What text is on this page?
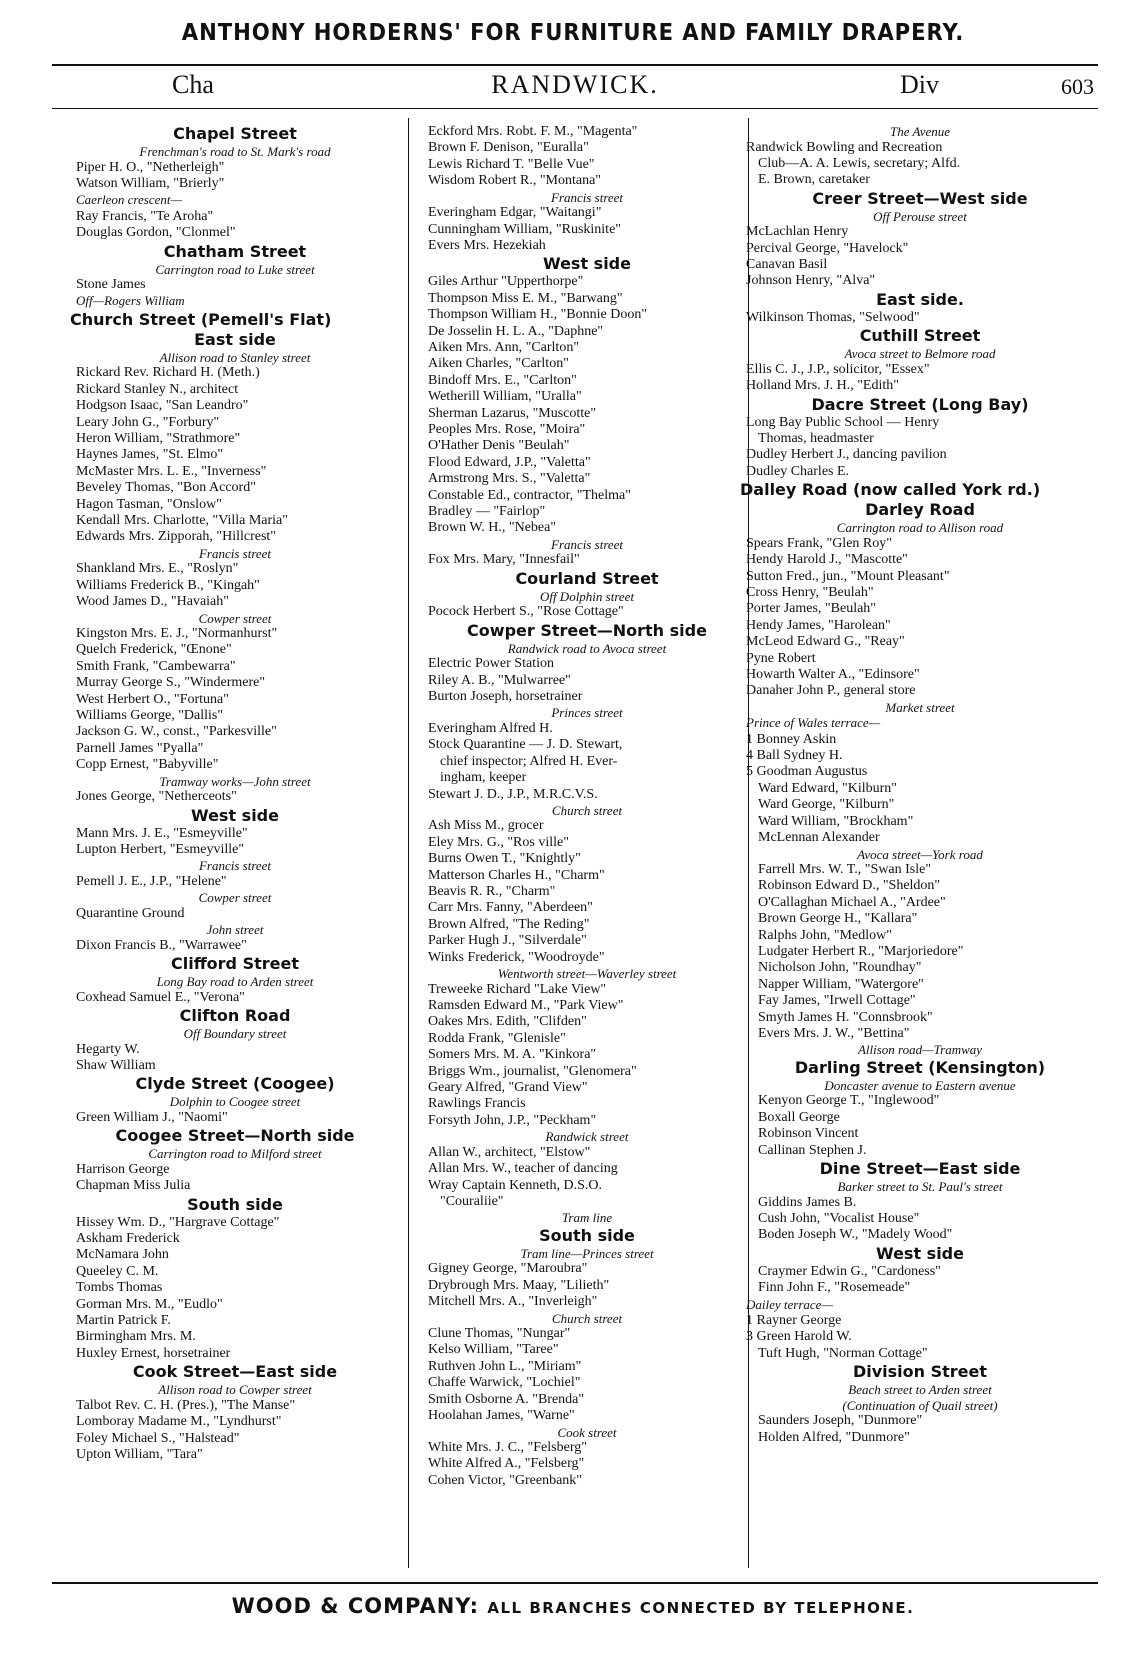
ANTHONY HORDERNS' FOR FURNITURE AND FAMILY DRAPERY.
Cha	RANDWICK.	Div	603
Chapel Street
Frenchman's road to St. Mark's road
Piper H. O., "Netherleigh"
Watson William, "Brierly"
Caerleon crescent—
Ray Francis, "Te Aroha"
Douglas Gordon, "Clonmel"
Chatham Street
Carrington road to Luke street
Stone James
Off—Rogers William
Church Street (Pemell's Flat)
East side
Allison road to Stanley street
Rickard Rev. Richard H. (Meth.)
Rickard Stanley N., architect
Hodgson Isaac, "San Leandro"
Leary John G., "Forbury"
Heron William, "Strathmore"
Haynes James, "St. Elmo"
McMaster Mrs. L. E., "Inverness"
Beveley Thomas, "Bon Accord"
Hagon Tasman, "Onslow"
Kendall Mrs. Charlotte, "Villa Maria"
Edwards Mrs. Zipporah, "Hillcrest"
Francis street
Shankland Mrs. E., "Roslyn"
Williams Frederick B., "Kingah"
Wood James D., "Havaiah"
Cowper street
Kingston Mrs. E. J., "Normanhurst"
Quelch Frederick, "Œnone"
Smith Frank, "Cambewarra"
Murray George S., "Windermere"
West Herbert O., "Fortuna"
Williams George, "Dallis"
Jackson G. W., const., "Parkesville"
Parnell James "Pyalla"
Copp Ernest, "Babyville"
Tramway works—John street
Jones George, "Netherceots"
West side
Mann Mrs. J. E., "Esmeyville"
Lupton Herbert, "Esmeyville"
Francis street
Pemell J. E., J.P., "Helene"
Cowper street
Quarantine Ground
John street
Dixon Francis B., "Warrawee"
Clifford Street
Long Bay road to Arden street
Coxhead Samuel E., "Verona"
Clifton Road
Off Boundary street
Hegarty W.
Shaw William
Clyde Street (Coogee)
Dolphin to Coogee street
Green William J., "Naomi"
Coogee Street—North side
Carrington road to Milford street
Harrison George
Chapman Miss Julia
South side
Hissey Wm. D., "Hargrave Cottage"
Askham Frederick
McNamara John
Queeley C. M.
Tombs Thomas
Gorman Mrs. M., "Eudlo"
Martin Patrick F.
Birmingham Mrs. M.
Huxley Ernest, horsetrainer
Cook Street—East side
Allison road to Cowper street
Talbot Rev. C. H. (Pres.), "The Manse"
Lomboray Madame M., "Lyndhurst"
Foley Michael S., "Halstead"
Upton William, "Tara"
Eckford Mrs. Robt. F. M., "Magenta"
Brown F. Denison, "Euralla"
Lewis Richard T. "Belle Vue"
Wisdom Robert R., "Montana"
Francis street
Everingham Edgar, "Waitangi"
Cunningham William, "Ruskinite"
Evers Mrs. Hezekiah
West side
Giles Arthur "Upperthorpe"
Thompson Miss E. M., "Barwang"
Thompson William H., "Bonnie Doon"
De Josselin H. L. A., "Daphne"
Aiken Mrs. Ann, "Carlton"
Aiken Charles, "Carlton"
Bindoff Mrs. E., "Carlton"
Wetherill William, "Uralla"
Sherman Lazarus, "Muscotte"
Peoples Mrs. Rose, "Moira"
O'Hather Denis "Beulah"
Flood Edward, J.P., "Valetta"
Armstrong Mrs. S., "Valetta"
Constable Ed., contractor, "Thelma"
Bradley — "Fairlop"
Brown W. H., "Nebea"
Francis street
Fox Mrs. Mary, "Innesfail"
Courland Street
Off Dolphin street
Pocock Herbert S., "Rose Cottage"
Cowper Street—North side
Randwick road to Avoca street
Electric Power Station
Riley A. B., "Mulwarree"
Burton Joseph, horsetrainer
Princes street
Everingham Alfred H.
Stock Quarantine — J. D. Stewart,
chief inspector; Alfred H. Ever-
ingham, keeper
Stewart J. D., J.P., M.R.C.V.S.
Church street
Ash Miss M., grocer
Eley Mrs. G., "Ros ville"
Burns Owen T., "Knightly"
Matterson Charles H., "Charm"
Beavis R. R., "Charm"
Carr Mrs. Fanny, "Aberdeen"
Brown Alfred, "The Reding"
Parker Hugh J., "Silverdale"
Winks Frederick, "Woodroyde"
Wentworth street—Waverley street
Treweeke Richard "Lake View"
Ramsden Edward M., "Park View"
Oakes Mrs. Edith, "Clifden"
Rodda Frank, "Glenisle"
Somers Mrs. M. A. "Kinkora"
Briggs Wm., journalist, "Glenomera"
Geary Alfred, "Grand View"
Rawlings Francis
Forsyth John, J.P., "Peckham"
Randwick street
Allan W., architect, "Elstow"
Allan Mrs. W., teacher of dancing
Wray Captain Kenneth, D.S.O.
"Couraliie"
Tram line
South side
Tram line—Princes street
Gigney George, "Maroubra"
Drybrough Mrs. Maay, "Lilieth"
Mitchell Mrs. A., "Inverleigh"
Church street
Clune Thomas, "Nungar"
Kelso William, "Taree"
Ruthven John L., "Miriam"
Chaffe Warwick, "Lochiel"
Smith Osborne A. "Brenda"
Hoolahan James, "Warne"
Cook street
White Mrs. J. C., "Felsberg"
White Alfred A., "Felsberg"
Cohen Victor, "Greenbank"
The Avenue
Randwick Bowling and Recreation
Club—A. A. Lewis, secretary; Alfd.
E. Brown, caretaker
Creer Street—West side
Off Perouse street
McLachlan Henry
Percival George, "Havelock"
Canavan Basil
Johnson Henry, "Alva"
East side.
Wilkinson Thomas, "Selwood"
Cuthill Street
Avoca street to Belmore road
Ellis C. J., J.P., solicitor, "Essex"
Holland Mrs. J. H., "Edith"
Dacre Street (Long Bay)
Long Bay Public School — Henry
Thomas, headmaster
Dudley Herbert J., dancing pavilion
Dudley Charles E.
Dalley Road (now called York rd.)
Darley Road
Carrington road to Allison road
Spears Frank, "Glen Roy"
Hendy Harold J., "Mascotte"
Sutton Fred., jun., "Mount Pleasant"
Cross Henry, "Beulah"
Porter James, "Beulah"
Hendy James, "Harolean"
McLeod Edward G., "Reay"
Pyne Robert
Howarth Walter A., "Edinsore"
Danaher John P., general store
Market street
Prince of Wales terrace—
1 Bonney Askin
4 Ball Sydney H.
5 Goodman Augustus
Ward Edward, "Kilburn"
Ward George, "Kilburn"
Ward William, "Brockham"
McLennan Alexander
Avoca street—York road
Farrell Mrs. W. T., "Swan Isle"
Robinson Edward D., "Sheldon"
O'Callaghan Michael A., "Ardee"
Brown George H., "Kallara"
Ralphs John, "Medlow"
Ludgater Herbert R., "Marjoriedore"
Nicholson John, "Roundhay"
Napper William, "Watergore"
Fay James, "Irwell Cottage"
Smyth James H. "Connsbrook"
Evers Mrs. J. W., "Bettina"
Allison road—Tramway
Darling Street (Kensington)
Doncaster avenue to Eastern avenue
Kenyon George T., "Inglewood"
Boxall George
Robinson Vincent
Callinan Stephen J.
Dine Street—East side
Barker street to St. Paul's street
Giddins James B.
Cush John, "Vocalist House"
Boden Joseph W., "Madely Wood"
West side
Craymer Edwin G., "Cardoness"
Finn John F., "Rosemeade"
Dailey terrace—
1 Rayner George
3 Green Harold W.
Tuft Hugh, "Norman Cottage"
Division Street
Beach street to Arden street
(Continuation of Quail street)
Saunders Joseph, "Dunmore"
Holden Alfred, "Dunmore"
WOOD & COMPANY: ALL BRANCHES CONNECTED BY TELEPHONE.
